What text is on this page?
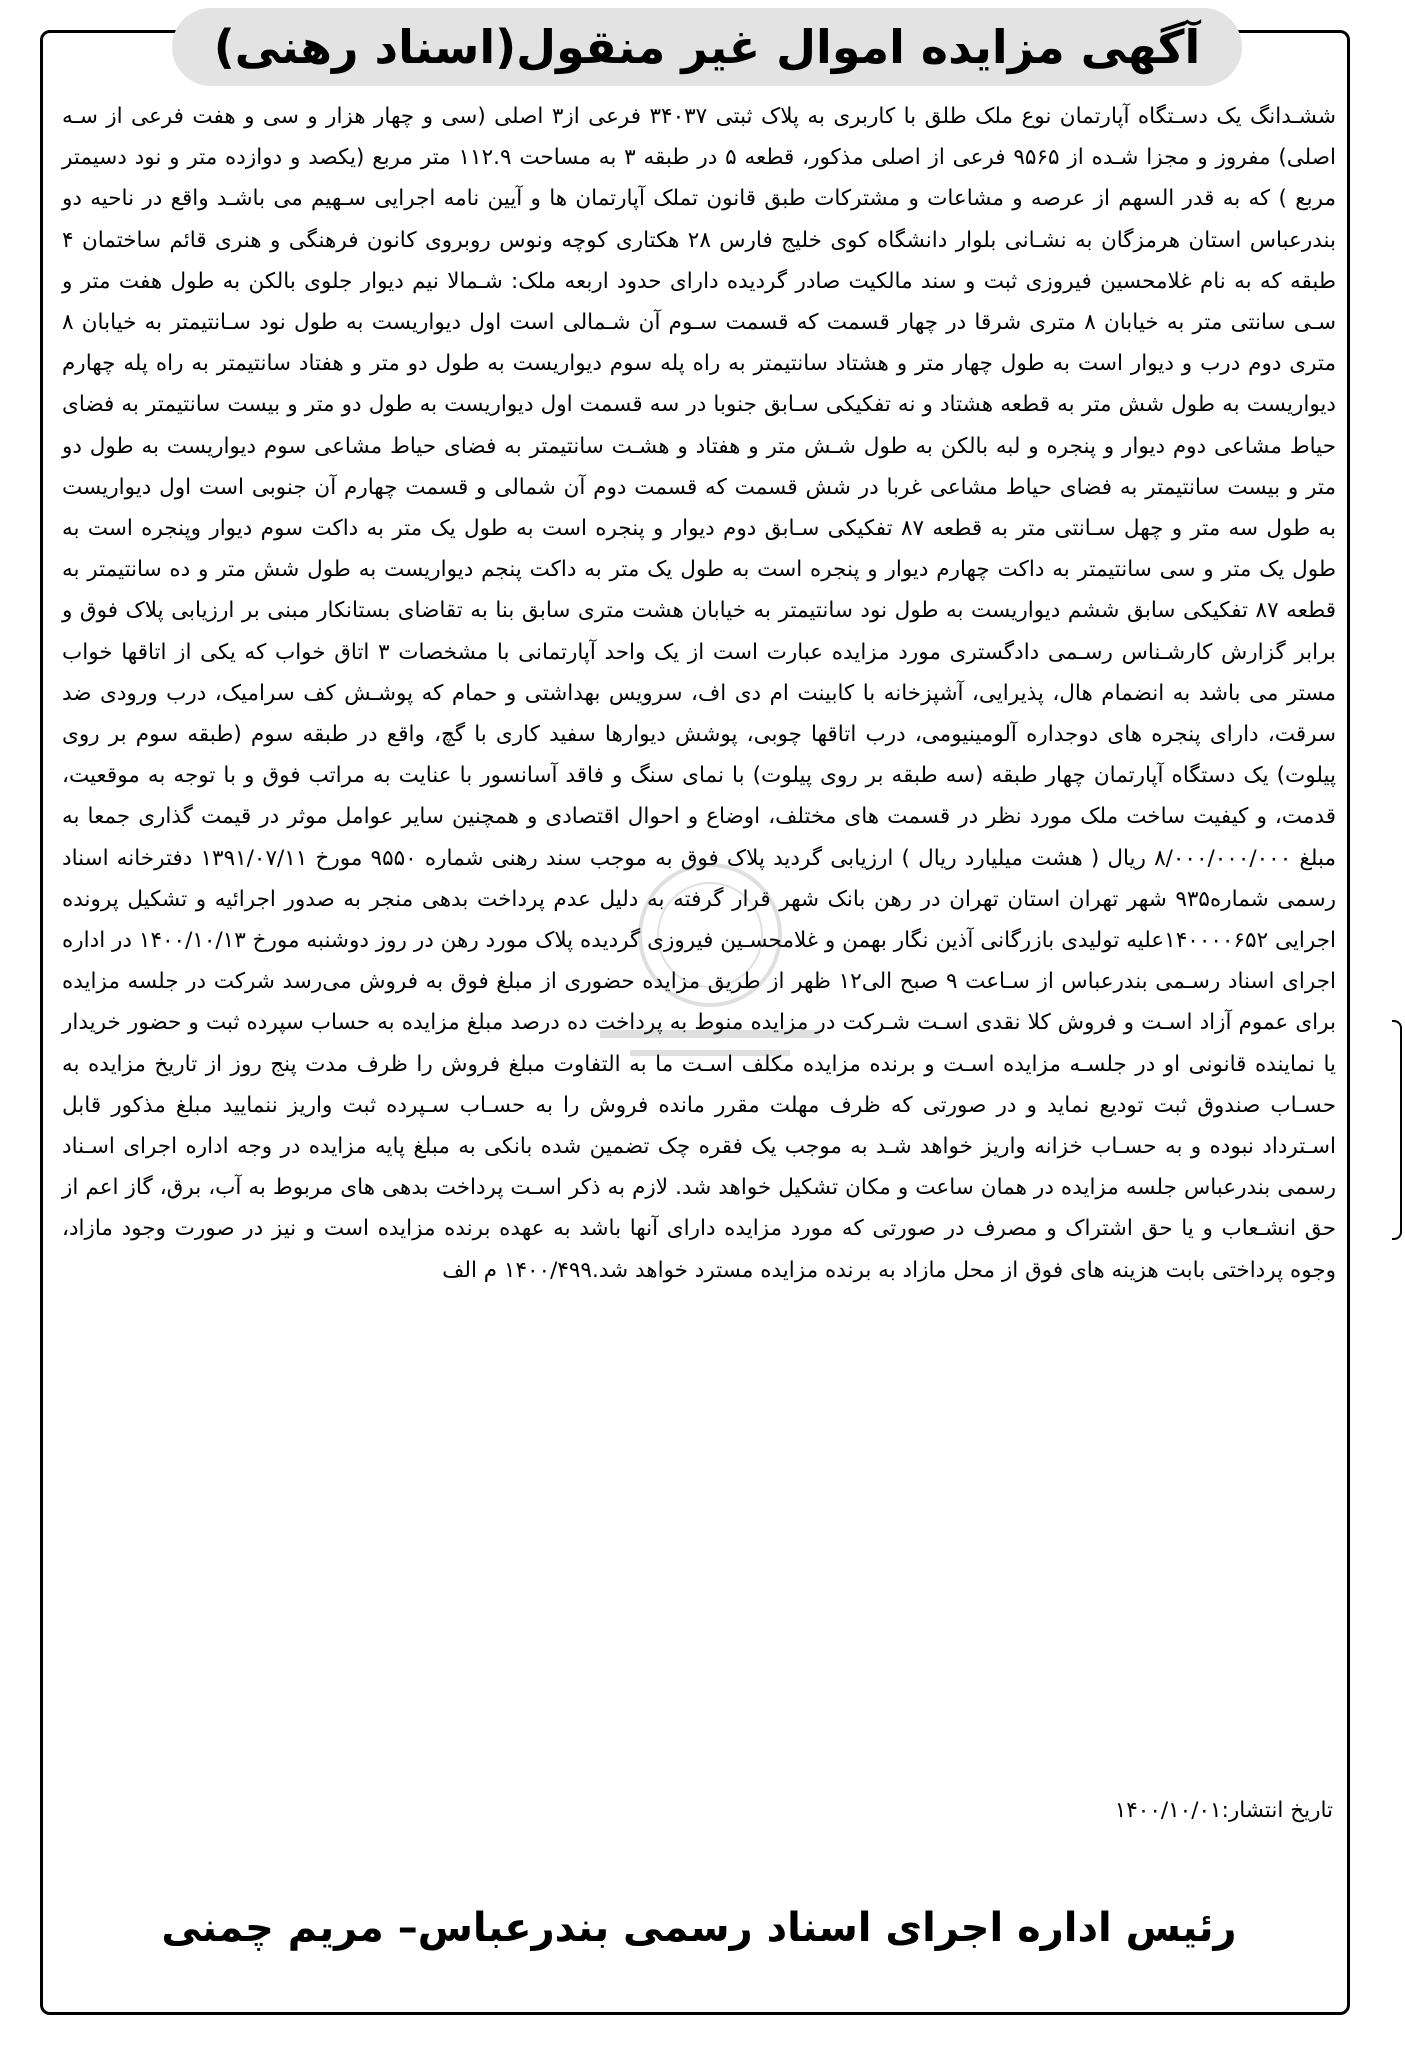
آگهی مزایده اموال غیر منقول(اسناد رهنی)

ششـدانگ یک دسـتگاه آپارتمان نوع ملک طلق با کاربری به پلاک ثبتی ۳۴۰۳۷ فرعی از۳ اصلی (سی و چهار هزار و سی و هفت فرعی از سـه اصلی) مفروز و مجزا شـده از ۹۵۶۵ فرعی از اصلی مذکور، قطعه ۵ در طبقه ۳ به مساحت ۱۱۲.۹ متر مربع (یکصد و دوازده متر و نود دسیمتر مربع ) که به قدر السهم از عرصه و مشاعات و مشترکات طبق قانون تملک آپارتمان ها و آیین نامه اجرایی سـهیم می باشـد واقع در ناحیه دو بندرعباس استان هرمزگان به نشـانی بلوار دانشگاه کوی خلیج فارس ۲۸ هکتاری کوچه ونوس روبروی کانون فرهنگی و هنری قائم ساختمان ۴ طبقه که به نام غلامحسین فیروزی ثبت و سند مالکیت صادر گردیده دارای حدود اربعه ملک: شـمالا نیم دیوار جلوی بالکن به طول هفت متر و سـی سانتی متر به خیابان ۸ متری شرقا در چهار قسمت که قسمت سـوم آن شـمالی است اول دیواریست به طول نود سـانتیمتر به خیابان ۸ متری دوم درب و دیوار است به طول چهار متر و هشتاد سانتیمتر به راه پله سوم دیواریست به طول دو متر و هفتاد سانتیمتر به راه پله چهارم دیواریست به طول شش متر به قطعه هشتاد و نه تفکیکی سـابق جنوبا در سه قسمت اول دیواریست به طول دو متر و بیست سانتیمتر به فضای حیاط مشاعی دوم دیوار و پنجره و لبه بالکن به طول شـش متر و هفتاد و هشـت سانتیمتر به فضای حیاط مشاعی سوم دیواریست به طول دو متر و بیست سانتیمتر به فضای حیاط مشاعی غربا در شش قسمت که قسمت دوم آن شمالی و قسمت چهارم آن جنوبی است اول دیواریست به طول سه متر و چهل سـانتی متر به قطعه ۸۷ تفکیکی سـابق دوم دیوار و پنجره است به طول یک متر به داکت سوم دیوار وپنجره است به طول یک متر و سی سانتیمتر به داکت چهارم دیوار و پنجره است به طول یک متر به داکت پنجم دیواریست به طول شش متر و ده سانتیمتر به قطعه ۸۷ تفکیکی سابق ششم دیواریست به طول نود سانتیمتر به خیابان هشت متری سابق بنا به تقاضای بستانکار مبنی بر ارزیابی پلاک فوق و برابر گزارش کارشـناس رسـمی دادگستری مورد مزایده عبارت است از یک واحد آپارتمانی با مشخصات ۳ اتاق خواب که یکی از اتاقها خواب مستر می باشد به انضمام هال، پذیرایی، آشپزخانه با کابینت ام دی اف، سرویس بهداشتی و حمام که پوشـش کف سرامیک، درب ورودی ضد سرقت، دارای پنجره های دوجداره آلومینیومی، درب اتاقها چوبی، پوشش دیوارها سفید کاری با گچ، واقع در طبقه سوم (طبقه سوم بر روی پیلوت) یک دستگاه آپارتمان چهار طبقه (سه طبقه بر روی پیلوت) با نمای سنگ و فاقد آسانسور با عنایت به مراتب فوق و با توجه به موقعیت، قدمت، و کیفیت ساخت ملک مورد نظر در قسمت های مختلف، اوضاع و احوال اقتصادی و همچنین سایر عوامل موثر در قیمت گذاری جمعا به مبلغ ۸/۰۰۰/۰۰۰/۰۰۰ ریال ( هشت میلیارد ریال ) ارزیابی گردید پلاک فوق به موجب سند رهنی شماره ۹۵۵۰ مورخ ۱۳۹۱/۰۷/۱۱ دفترخانه اسناد رسمی شماره۹۳۵ شهر تهران استان تهران در رهن بانک شهر قرار گرفته به دلیل عدم پرداخت بدهی منجر به صدور اجرائیه و تشکیل پرونده اجرایی ۱۴۰۰۰۰۶۵۲علیه تولیدی بازرگانی آذین نگار بهمن و غلامحسـین فیروزی گردیده پلاک مورد رهن در روز دوشنبه مورخ ۱۴۰۰/۱۰/۱۳ در اداره اجرای اسناد رسـمی بندرعباس از سـاعت ۹ صبح الی۱۲ ظهر از طریق مزایده حضوری از مبلغ فوق به فروش می‌رسد شرکت در جلسه مزایده برای عموم آزاد اسـت و فروش کلا نقدی اسـت شـرکت در مزایده منوط به پرداخت ده درصد مبلغ مزایده به حساب سپرده ثبت و حضور خریدار یا نماینده قانونی او در جلسـه مزایده اسـت و برنده مزایده مکلف اسـت ما به التفاوت مبلغ فروش را ظرف مدت پنج روز از تاریخ مزایده به حسـاب صندوق ثبت تودیع نماید و در صورتی که ظرف مهلت مقرر مانده فروش را به حسـاب سـپرده ثبت واریز ننمایید مبلغ مذکور قابل اسـترداد نبوده و به حسـاب خزانه واریز خواهد شـد به موجب یک فقره چک تضمین شده بانکی به مبلغ پایه مزایده در وجه اداره اجرای اسـناد رسمی بندرعباس جلسه مزایده در همان ساعت و مکان تشکیل خواهد شد. لازم به ذکر اسـت پرداخت بدهی های مربوط به آب، برق، گاز اعم از حق انشـعاب و یا حق اشتراک و مصرف در صورتی که مورد مزایده دارای آنها باشد به عهده برنده مزایده است و نیز در صورت وجود مازاد، وجوه پرداختی بابت هزینه های فوق از محل مازاد به برنده مزایده مسترد خواهد شد.۱۴۰۰/۴۹۹ م الف

تاریخ انتشار:۱۴۰۰/۱۰/۰۱

رئیس اداره اجرای اسناد رسمی بندرعباس– مریم چمنی
